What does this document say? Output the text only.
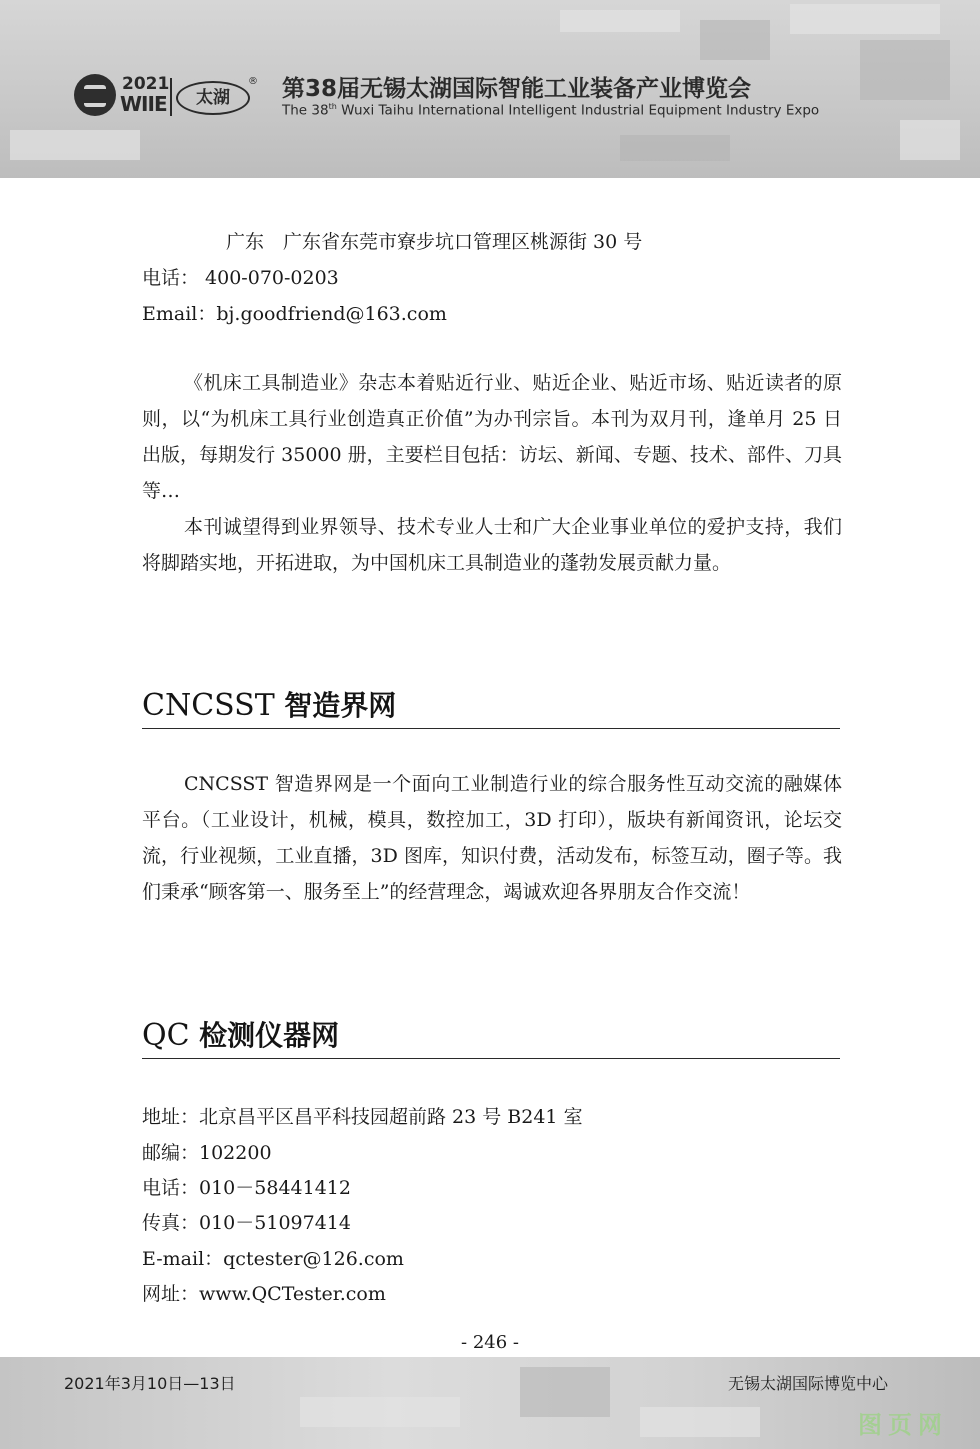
2021
WIIE	太湖
® 第38届无锡太湖国际智能工业装备产业博览会
The 38th Wuxi Taihu International Intelligent Industrial Equipment Industry Expo
广东　广东省东莞市寮步坑口管理区桃源街 30 号
电话： 400-070-0203
Email：bj.goodfriend@163.com

《机床工具制造业》杂志本着贴近行业、贴近企业、贴近市场、贴近读者的原则，以“为机床工具行业创造真正价值”为办刊宗旨。本刊为双月刊，逢单月 25 日出版，每期发行 35000 册，主要栏目包括：访坛、新闻、专题、技术、部件、刀具等…

本刊诚望得到业界领导、技术专业人士和广大企业事业单位的爱护支持，我们将脚踏实地，开拓进取，为中国机床工具制造业的蓬勃发展贡献力量。

CNCSST 智造界网

CNCSST 智造界网是一个面向工业制造行业的综合服务性互动交流的融媒体平台。（工业设计，机械，模具，数控加工，3D 打印），版块有新闻资讯，论坛交流，行业视频，工业直播，3D 图库，知识付费，活动发布，标签互动，圈子等。我们秉承“顾客第一、服务至上”的经营理念，竭诚欢迎各界朋友合作交流！

QC 检测仪器网
地址：北京昌平区昌平科技园超前路 23 号 B241 室
邮编：102200
电话：010－58441412
传真：010－51097414
E-mail：qctester@126.com
网址：www.QCTester.com
- 246 -
2021年3月10日—13日	无锡太湖国际博览中心
图页网
